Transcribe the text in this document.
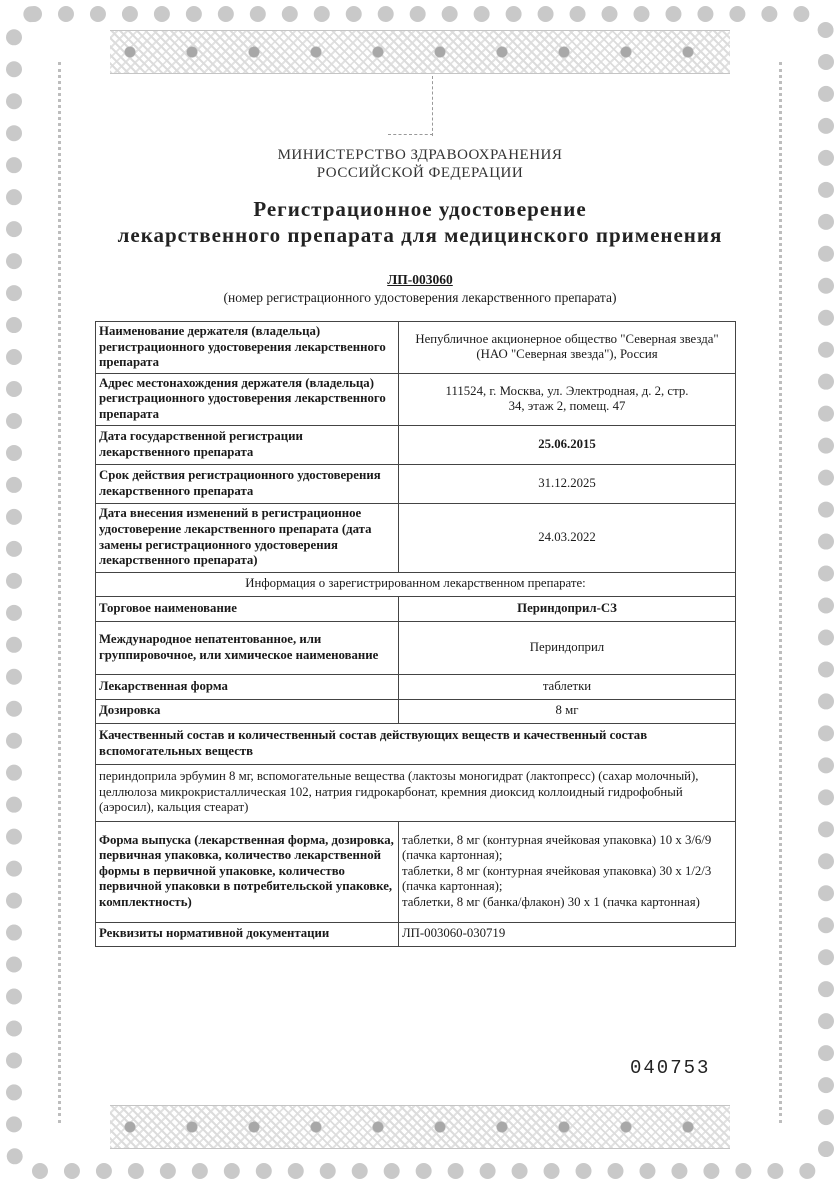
МИНИСТЕРСТВО ЗДРАВООХРАНЕНИЯ
РОССИЙСКОЙ ФЕДЕРАЦИИ
Регистрационное удостоверение
лекарственного препарата для медицинского применения
ЛП-003060
(номер регистрационного удостоверения лекарственного препарата)
Наименование держателя (владельца) регистрационного удостоверения лекарственного препарата	Непубличное акционерное общество "Северная звезда" (НАО "Северная звезда"), Россия
Адрес местонахождения держателя (владельца) регистрационного удостоверения лекарственного препарата	111524, г. Москва, ул. Электродная, д. 2, стр. 34, этаж 2, помещ. 47
Дата государственной регистрации лекарственного препарата	25.06.2015
Срок действия регистрационного удостоверения лекарственного препарата	31.12.2025
Дата внесения изменений в регистрационное удостоверение лекарственного препарата (дата замены регистрационного удостоверения лекарственного препарата)	24.03.2022
Информация о зарегистрированном лекарственном препарате:	
Торговое наименование	Периндоприл-СЗ
Международное непатентованное, или группировочное, или химическое наименование	Периндоприл
Лекарственная форма	таблетки
Дозировка	8 мг
Качественный состав и количественный состав действующих веществ и качественный состав вспомогательных веществ	
периндоприла эрбумин 8 мг, вспомогательные вещества (лактозы моногидрат (лактопресс) (сахар молочный), целлюлоза микрокристаллическая 102, натрия гидрокарбонат, кремния диоксид коллоидный гидрофобный (аэросил), кальция стеарат)	
Форма выпуска (лекарственная форма, дозировка, первичная упаковка, количество лекарственной формы в первичной упаковке, количество первичной упаковки в потребительской упаковке, комплектность)	таблетки, 8 мг (контурная ячейковая упаковка) 10 х 3/6/9 (пачка картонная);
таблетки, 8 мг (контурная ячейковая упаковка) 30 х 1/2/3 (пачка картонная);
таблетки, 8 мг (банка/флакон) 30 х 1 (пачка картонная)

Реквизиты нормативной документации	ЛП-003060-030719
040753
